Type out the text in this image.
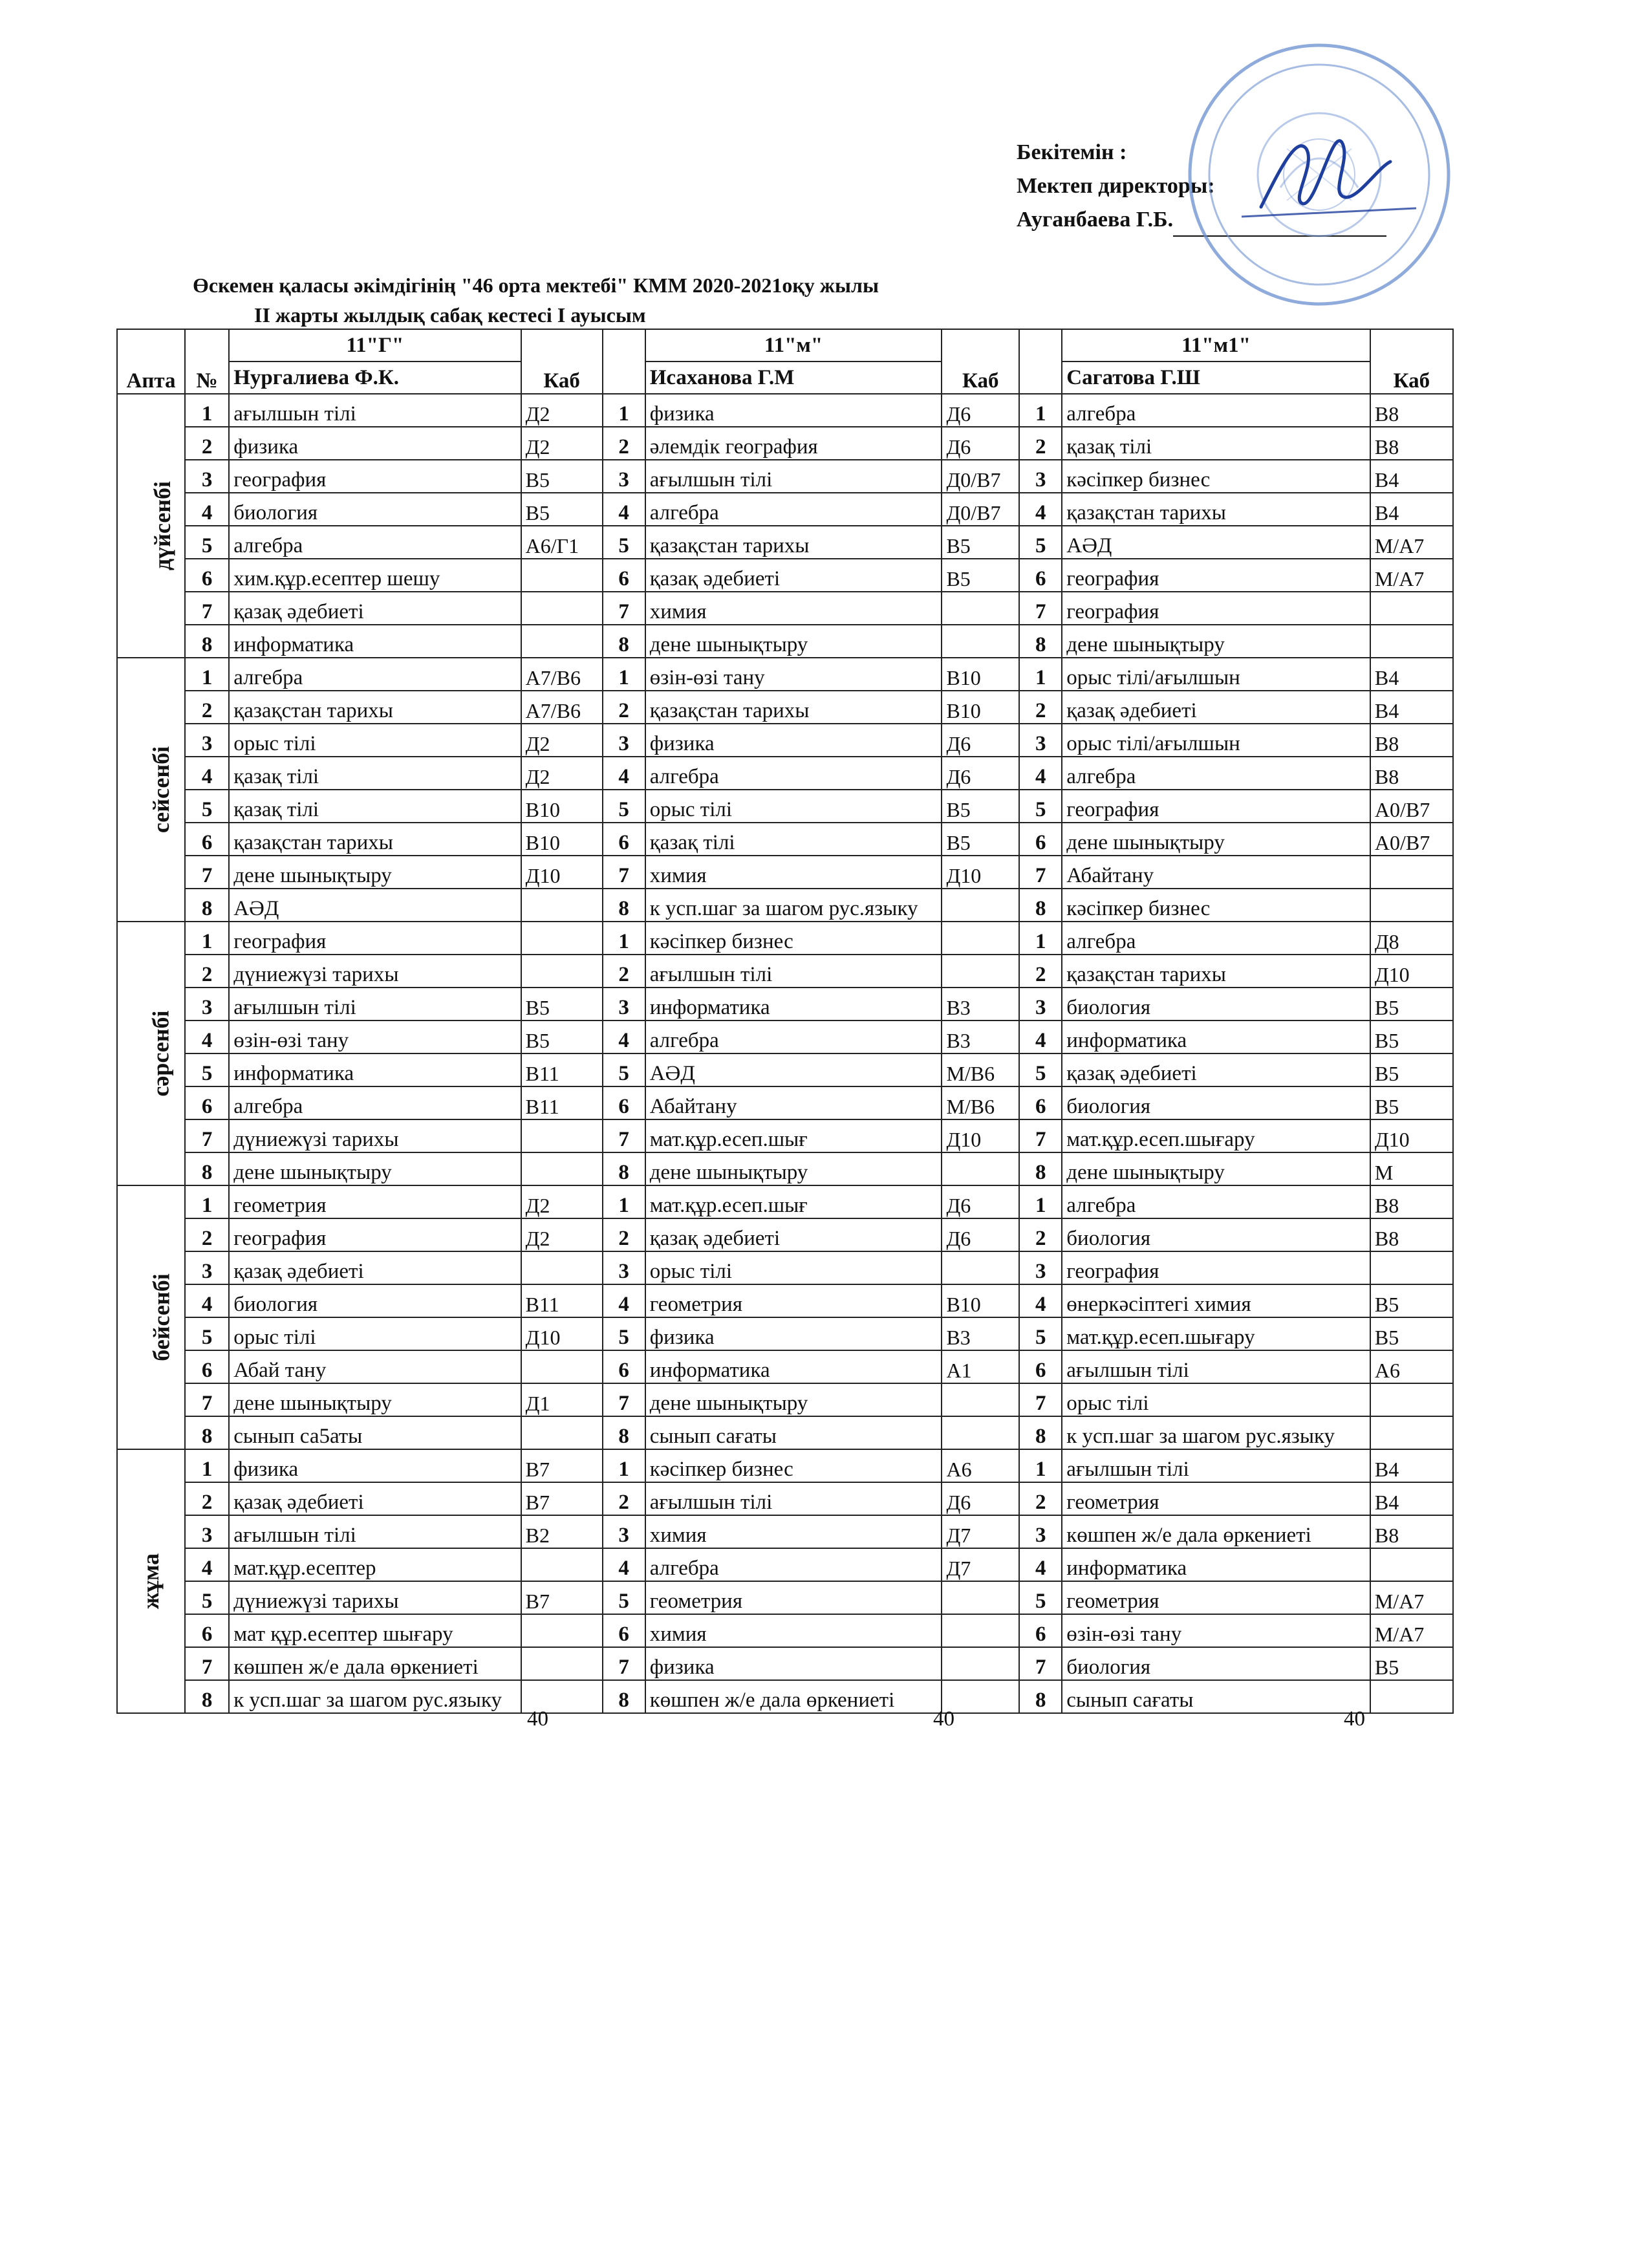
Бекітемін :
Мектеп директоры:
Ауганбаева Г.Б.
Өскемен қаласы әкімдігінің "46 орта мектебі" КММ 2020-2021оқу жылы
ІІ жарты жылдық сабақ кестесі І ауысым
Апта	№	11"Г"	Каб		11"м"	Каб		11"м1"	Каб
		Нургалиева Ф.К.			Исаханова Г.М			Сагатова Г.Ш	
дүйсенбі	1	ағылшын тілі	Д2	1	физика	Д6	1	алгебра	В8
	2	физика	Д2	2	әлемдік география	Д6	2	қазақ тілі	В8
	3	география	В5	3	ағылшын тілі	Д0/В7	3	кәсіпкер бизнес	В4
	4	биология	В5	4	алгебра	Д0/В7	4	қазақстан тарихы	В4
	5	алгебра	А6/Г1	5	қазақстан тарихы	В5	5	АӘД	М/А7
	6	хим.құр.есептер шешу		6	қазақ әдебиеті	В5	6	география	М/А7
	7	қазақ әдебиеті		7	химия		7	география	
	8	информатика		8	дене шынықтыру		8	дене шынықтыру	
сейсенбі	1	алгебра	А7/В6	1	өзін-өзі тану	В10	1	орыс тілі/ағылшын	В4
	2	қазақстан тарихы	А7/В6	2	қазақстан тарихы	В10	2	қазақ әдебиеті	В4
	3	орыс тілі	Д2	3	физика	Д6	3	орыс тілі/ағылшын	В8
	4	қазақ тілі	Д2	4	алгебра	Д6	4	алгебра	В8
	5	қазақ тілі	В10	5	орыс тілі	В5	5	география	А0/В7
	6	қазақстан тарихы	В10	6	қазақ тілі	В5	6	дене шынықтыру	А0/В7
	7	дене шынықтыру	Д10	7	химия	Д10	7	Абайтану	
	8	АӘД		8	к усп.шаг за шагом рус.языку		8	кәсіпкер бизнес	
сәрсенбі	1	география		1	кәсіпкер бизнес		1	алгебра	Д8
	2	дүниежүзі тарихы		2	ағылшын тілі		2	қазақстан тарихы	Д10
	3	ағылшын тілі	В5	3	информатика	В3	3	биология	В5
	4	өзін-өзі тану	В5	4	алгебра	В3	4	информатика	В5
	5	информатика	В11	5	АӘД	М/В6	5	қазақ әдебиеті	В5
	6	алгебра	В11	6	Абайтану	М/В6	6	биология	В5
	7	дүниежүзі тарихы		7	мат.құр.есеп.шығ	Д10	7	мат.құр.есеп.шығару	Д10
	8	дене шынықтыру		8	дене шынықтыру		8	дене шынықтыру	М
бейсенбі	1	геометрия	Д2	1	мат.құр.есеп.шығ	Д6	1	алгебра	В8
	2	география	Д2	2	қазақ әдебиеті	Д6	2	биология	В8
	3	қазақ әдебиеті		3	орыс тілі		3	география	
	4	биология	В11	4	геометрия	В10	4	өнеркәсіптегі химия	В5
	5	орыс тілі	Д10	5	физика	В3	5	мат.құр.есеп.шығару	В5
	6	Абай тану		6	информатика	А1	6	ағылшын тілі	А6
	7	дене шынықтыру	Д1	7	дене шынықтыру		7	орыс тілі	
	8	сынып са5аты		8	сынып сағаты		8	к усп.шаг за шагом рус.языку	
жұма	1	физика	В7	1	кәсіпкер бизнес	А6	1	ағылшын тілі	В4
	2	қазақ әдебиеті	В7	2	ағылшын тілі	Д6	2	геометрия	В4
	3	ағылшын тілі	В2	3	химия	Д7	3	көшпен ж/е дала өркениеті	В8
	4	мат.құр.есептер		4	алгебра	Д7	4	информатика	
	5	дүниежүзі тарихы	В7	5	геометрия		5	геометрия	М/А7
	6	мат құр.есептер шығару		6	химия		6	өзін-өзі тану	М/А7
	7	көшпен ж/е дала өркениеті		7	физика		7	биология	В5
	8	к усп.шаг за шагом рус.языку		8	көшпен ж/е дала өркениеті		8	сынып сағаты	
40	40	40
